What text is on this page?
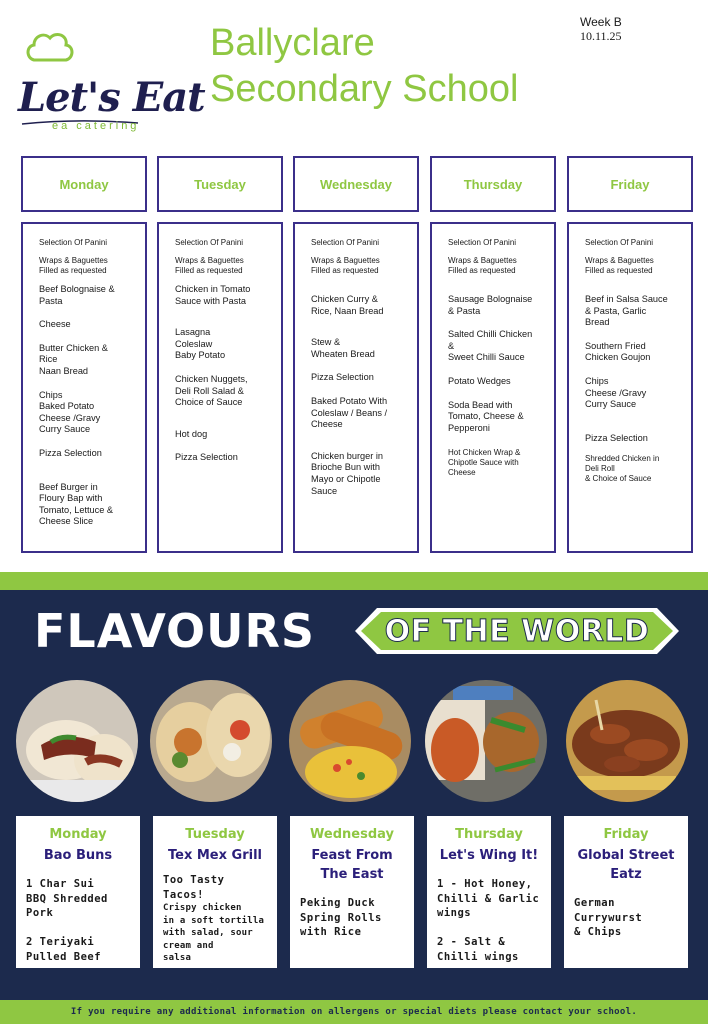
Let's Eat
ea catering
Ballyclare
Secondary School
Week B
10.11.25
Monday
Selection Of Panini
Wraps & Baguettes
Filled as requested
Beef Bolognaise &
Pasta
Cheese
Butter Chicken &
Rice
Naan Bread
Chips
Baked Potato
Cheese /Gravy
Curry Sauce
Pizza Selection
Beef Burger in
Floury Bap with
Tomato, Lettuce &
Cheese Slice
Tuesday
Selection Of Panini
Wraps & Baguettes
Filled as requested
Chicken in Tomato
Sauce with Pasta
Lasagna
Coleslaw
Baby Potato
Chicken Nuggets,
Deli Roll Salad &
Choice of Sauce
Hot dog
Pizza Selection
Wednesday
Selection Of Panini
Wraps & Baguettes
Filled as requested
Chicken Curry &
Rice, Naan Bread
Stew &
Wheaten Bread
Pizza Selection
Baked Potato With
Coleslaw / Beans /
Cheese
Chicken burger in
Brioche Bun with
Mayo or Chipotle
Sauce
Thursday
Selection Of Panini
Wraps & Baguettes
Filled as requested
Sausage Bolognaise
& Pasta
Salted Chilli Chicken
&
Sweet Chilli Sauce
Potato Wedges
Soda Bead with
Tomato, Cheese &
Pepperoni
Hot Chicken Wrap &
Chipotle Sauce with
Cheese
Friday
Selection Of Panini
Wraps & Baguettes
Filled as requested
Beef in Salsa Sauce
& Pasta, Garlic
Bread
Southern Fried
Chicken Goujon
Chips
Cheese /Gravy
Curry Sauce
Pizza Selection
Shredded Chicken in
Deli Roll
& Choice of Sauce
FLAVOURS	OF THE WORLD
Monday
Bao Buns
1 Char Sui
BBQ Shredded
Pork

2 Teriyaki
Pulled Beef
Tuesday
Tex Mex Grill
Too Tasty
Tacos!
Crispy chicken
in a soft tortilla
with salad, sour
cream and
salsa
Wednesday
Feast From
The East
Peking Duck
Spring Rolls
with Rice
Thursday
Let's Wing It!
1 - Hot Honey,
Chilli & Garlic
wings

2 - Salt &
Chilli wings
Friday
Global Street
Eatz
German
Currywurst
& Chips
If you require any additional information on allergens or special diets please contact your school.
